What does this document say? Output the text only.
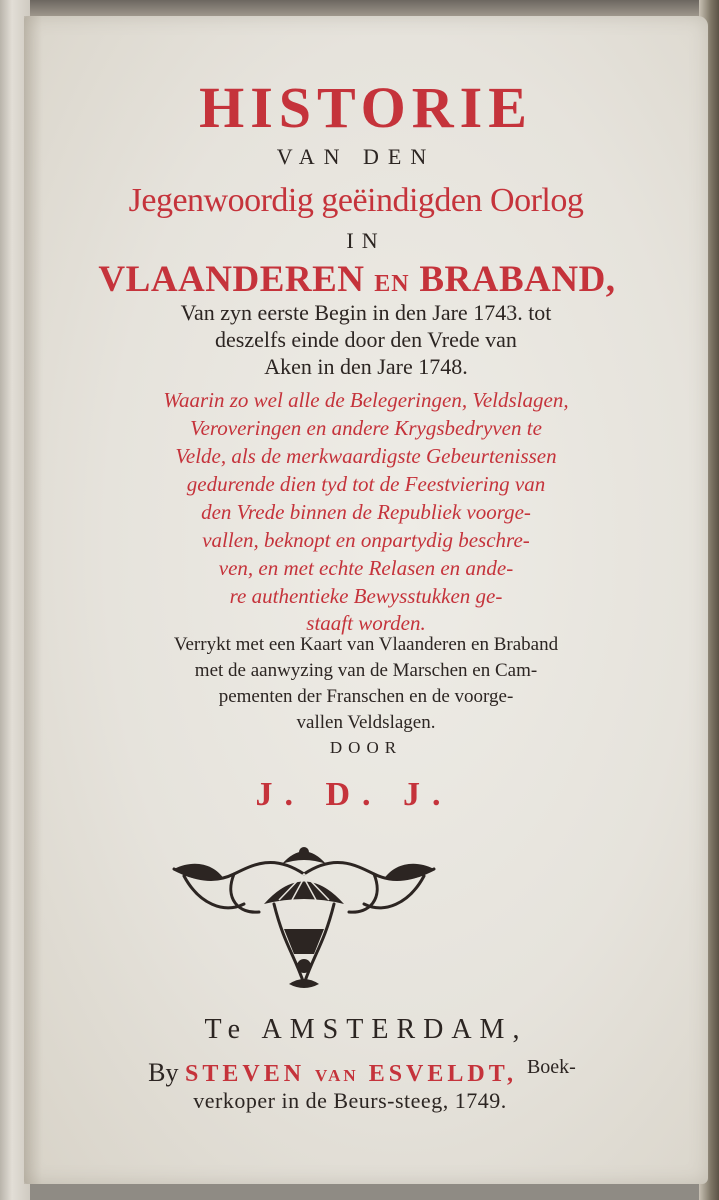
HISTORIE
VAN DEN
Jegenwoordig geëindigden Oorlog
IN
VLAANDEREN EN BRABAND,
Van zyn eerste Begin in den Jare 1743. tot
deszelfs einde door den Vrede van
Aken in den Jare 1748.
Waarin zo wel alle de Belegeringen, Veldslagen,
Veroveringen en andere Krygsbedryven te
Velde, als de merkwaardigste Gebeurtenissen
gedurende dien tyd tot de Feestviering van
den Vrede binnen de Republiek voorge-
vallen, beknopt en onpartydig beschre-
ven, en met echte Relasen en ande-
re authentieke Bewysstukken ge-
staaft worden.
Verrykt met een Kaart van Vlaanderen en Braband
met de aanwyzing van de Marschen en Cam-
pementen der Franschen en de voorge-
vallen Veldslagen.
DOOR
J. D. J.
Te AMSTERDAM,
By STEVEN VAN ESVELDT, $^{Boek-}$
verkoper in de Beurs-steeg, 1749.
